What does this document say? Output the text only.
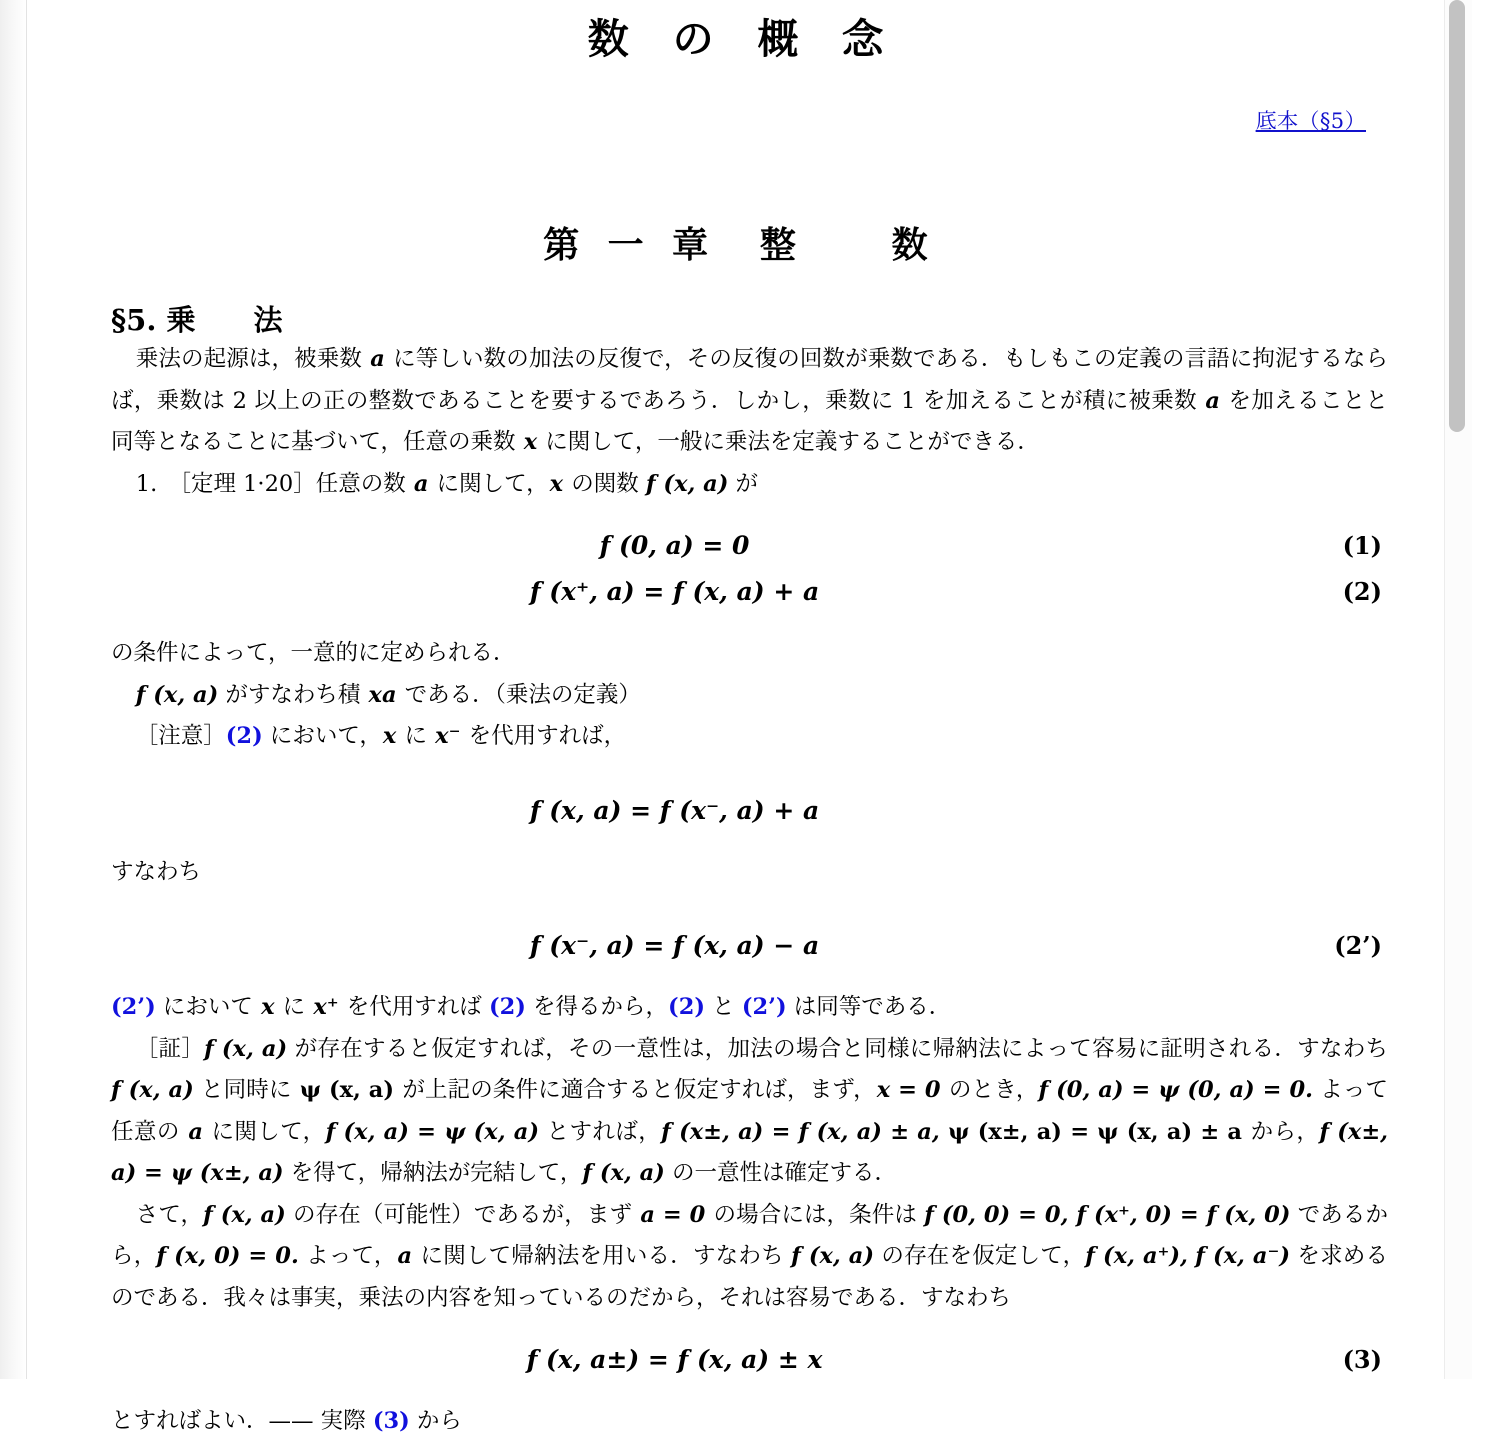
数 の 概 念
底本（§5）
第 一 章　整　　数
§5. 乗　　法

乗法の起源は，被乗数 a に等しい数の加法の反復で，その反復の回数が乗数である．もしもこの定義の言語に拘泥するならば，乗数は 2 以上の正の整数であることを要するであろう．しかし，乗数に 1 を加えることが積に被乗数 a を加えることと同等となることに基づいて，任意の乗数 x に関して，一般に乗法を定義することができる．

1.　［定理 1·20］任意の数 a に関して，x の関数 f (x, a) が

f (0, a) = 0	(1)
f (x⁺, a) = f (x, a) + a	(2)

の条件によって，一意的に定められる．

f (x, a) がすなわち積 xa である．（乗法の定義）

［注意］(2) において，x に x⁻ を代用すれば，

f (x, a) = f (x⁻, a) + a

すなわち

f (x⁻, a) = f (x, a) − a	(2’)

(2’) において x に x⁺ を代用すれば (2) を得るから，(2) と (2’) は同等である．

［証］f (x, a) が存在すると仮定すれば，その一意性は，加法の場合と同様に帰納法によって容易に証明される．すなわち f (x, a) と同時に ψ (x, a) が上記の条件に適合すると仮定すれば，まず，x = 0 のとき，f (0, a) = ψ (0, a) = 0. よって任意の a に関して，f (x, a) = ψ (x, a) とすれば，f (x±, a) = f (x, a) ± a, ψ (x±, a) = ψ (x, a) ± a から，f (x±, a) = ψ (x±, a) を得て，帰納法が完結して，f (x, a) の一意性は確定する．

さて，f (x, a) の存在（可能性）であるが，まず a = 0 の場合には，条件は f (0, 0) = 0, f (x⁺, 0) = f (x, 0) であるから，f (x, 0) = 0. よって，a に関して帰納法を用いる．すなわち f (x, a) の存在を仮定して，f (x, a⁺), f (x, a⁻) を求めるのである．我々は事実，乗法の内容を知っているのだから，それは容易である．すなわち

f (x, a±) = f (x, a) ± x	(3)

とすればよい．—— 実際 (3) から
